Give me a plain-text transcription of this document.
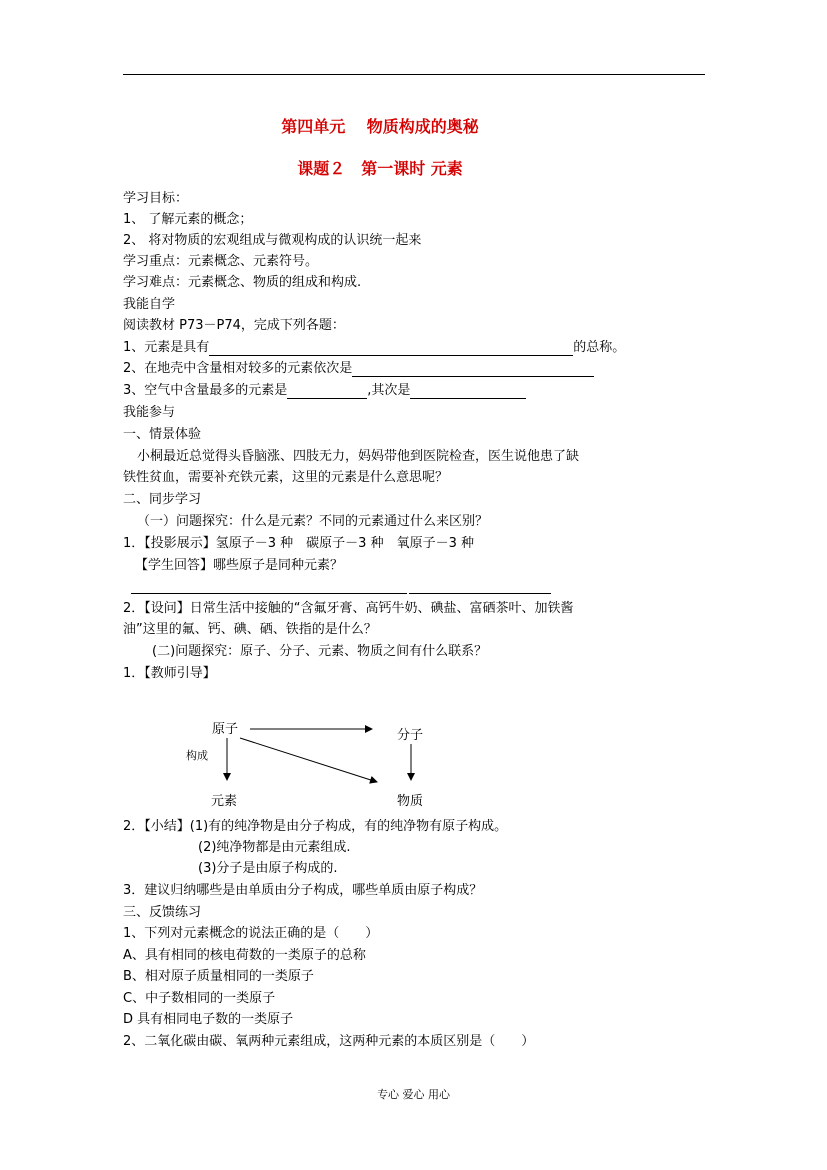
第四单元　 物质构成的奥秘
课题２　第一课时 元素
学习目标：
1、 了解元素的概念；
2、 将对物质的宏观组成与微观构成的认识统一起来
学习重点：元素概念、元素符号。
学习难点：元素概念、物质的组成和构成.
我能自学
阅读教材 P73－P74，完成下列各题：
1、元素是具有	的总称。
2、在地壳中含量相对较多的元素依次是
3、空气中含量最多的元素是	,其次是
我能参与
一、情景体验
小桐最近总觉得头昏脑涨、四肢无力，妈妈带他到医院检查，医生说他患了缺
铁性贫血，需要补充铁元素，这里的元素是什么意思呢？
二、同步学习
（一）问题探究：什么是元素？不同的元素通过什么来区别？
1．【投影展示】氢原子－3 种　碳原子－3 种　氧原子－3 种
【学生回答】哪些原子是同种元素？
2．【设问】日常生活中接触的“含氟牙膏、高钙牛奶、碘盐、富硒茶叶、加铁酱
油”这里的氟、钙、碘、硒、铁指的是什么？
(二)问题探究：原子、分子、元素、物质之间有什么联系？
1．【教师引导】
原子	分子
构成
元素	物质
2．【小结】(1)有的纯净物是由分子构成，有的纯净物有原子构成。
(2)纯净物都是由元素组成.
(3)分子是由原子构成的.
3．建议归纳哪些是由单质由分子构成，哪些单质由原子构成？
三、反馈练习
1、下列对元素概念的说法正确的是（　　）
A、具有相同的核电荷数的一类原子的总称
B、相对原子质量相同的一类原子
C、中子数相同的一类原子
D 具有相同电子数的一类原子
2、二氧化碳由碳、氧两种元素组成，这两种元素的本质区别是（　　）
专心 爱心 用心
